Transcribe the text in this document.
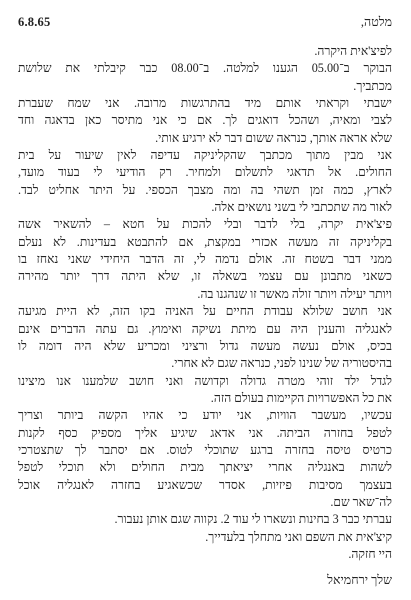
מלטה,
6.8.65
לפיצ'אית היקרה.
הבוקר ב־05.00 הגענו למלטה. ב־08.00 כבר קיבלתי את שלושת
מכתביך.
ישבתי וקראתי אותם מיד בהתרגשות מרובה. אני שמח שעברת
לצבי ומאיה, ושהכל דואגים לך. אם כי אני מתיסר כאן בדאגה וחד
שלא אראה אותך, כנראה ששום דבר לא ירגיע אותי.
אני מבין מתוך מכתבך שהקליניקה עדיפה לאין שיעור על בית
החולים. אל תדאגי לתשלום ולמחיר. רק הודיעי לי בעוד מועד,
לארץ, כמה זמן תשהי בה ומה מצבך הכספי. על היתר אחליט לבד.
לאור מה שתכתבי לי בשני נושאים אלה.
פיצ'אית יקרה, בלי לדבר ובלי להכות על חטא – להשאיר אשה
בקליניקה זה מעשה אכזרי במקצת, אם להתבטא בעדינות. לא נעלם
ממני דבר בשטח זה. אולם נדמה לי, זה הדבר היחידי שאני נאחז בו
כשאני מתבונן עם עצמי בשאלה זו, שלא היתה דרך יותר מהירה
ויותר יעילה ויותר זולה מאשר זו שנהגנו בה.
אני חושב שלולא עבודת החיים על האניה בקו הזה, לא היית מגיעה
לאנגליה והענין היה עם מיתת נשיקה ואימוץ. גם עתה הדברים אינם
בכיס, אולם נעשה מעשה גדול ורציני ומכריע שלא היה דומה לו
בהיסטוריה של שנינו לפני, כנראה שגם לא אחרי.
לגדל ילד זוהי מטרה גדולה וקדושה ואני חושב שלמענו אנו מיצינו
את כל האפשרויות הקיימות בעולם הזה.
עכשיו, מעשבר הוויות, אני יודע כי אהיו הקשה ביותר וצריך
לטפל בחזרה הביתה. אני אדאג שיגיע אליך מספיק כסף לקנות
כרטיס טיסה בחזרה ברגע שתוכלי לטוס. אם יסתבר לך שתצטרכי
לשהות באנגליה אחרי יציאתך מבית החולים ולא תוכלי לטפל
בעצמך מסיבות פיזיות, אסדר שכשאגיע בחזרה לאנגליה אוכל
לה־שאר שם.
עברתי כבר 3 בחינות ונשארו לי עוד 2. נקווה שגם אותן נעבור.
קיצ'אית את השפם ואני מתחלך בלעדייך.
היי חזקה.
שלך ירחמיאל
